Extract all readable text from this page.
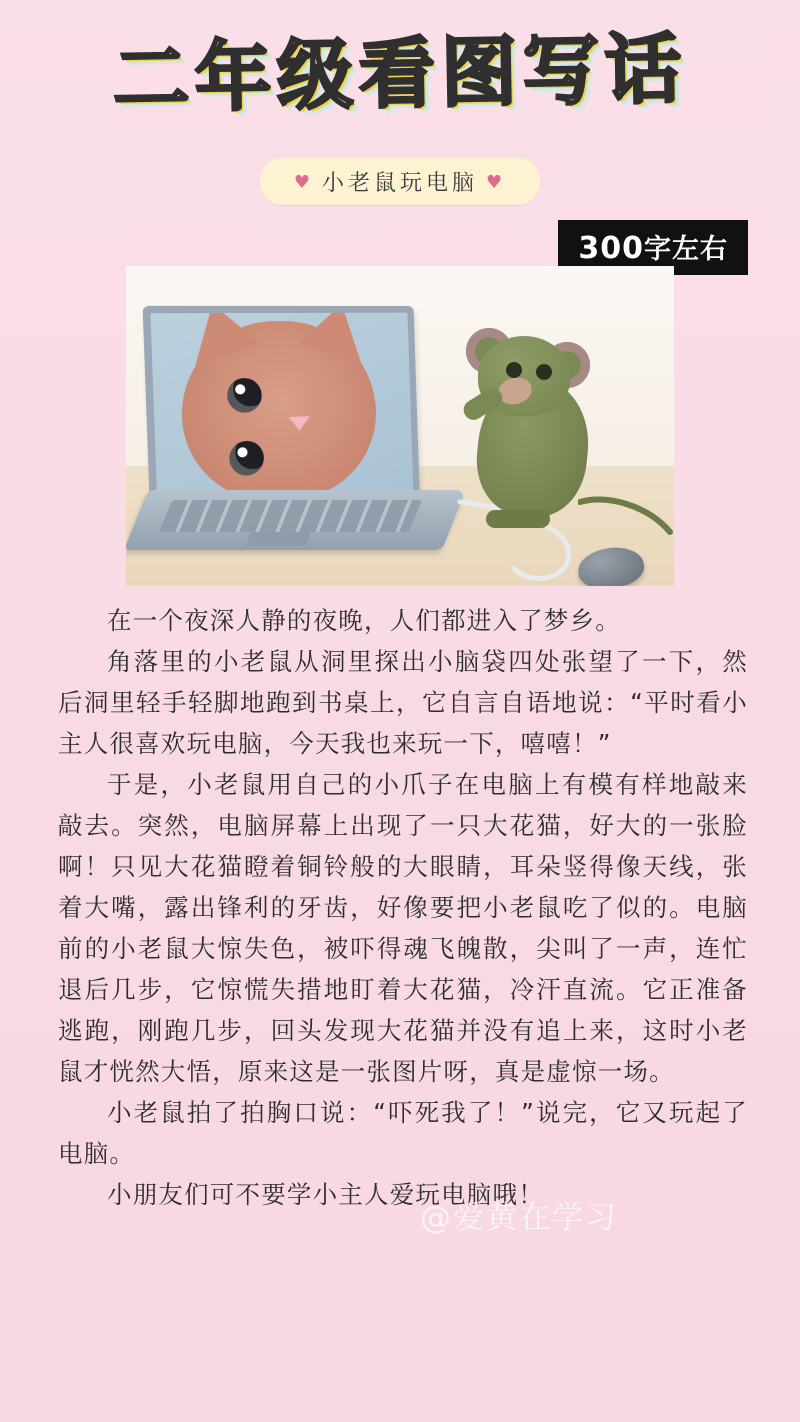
二年级看图写话
♥ 小老鼠玩电脑 ♥
300字左右

在一个夜深人静的夜晚，人们都进入了梦乡。

角落里的小老鼠从洞里探出小脑袋四处张望了一下，然后洞里轻手轻脚地跑到书桌上，它自言自语地说：“平时看小主人很喜欢玩电脑，今天我也来玩一下，嘻嘻！”

于是，小老鼠用自己的小爪子在电脑上有模有样地敲来敲去。突然，电脑屏幕上出现了一只大花猫，好大的一张脸啊！只见大花猫瞪着铜铃般的大眼睛，耳朵竖得像天线，张着大嘴，露出锋利的牙齿，好像要把小老鼠吃了似的。电脑前的小老鼠大惊失色，被吓得魂飞魄散，尖叫了一声，连忙退后几步，它惊慌失措地盯着大花猫，冷汗直流。它正准备逃跑，刚跑几步，回头发现大花猫并没有追上来，这时小老鼠才恍然大悟，原来这是一张图片呀，真是虚惊一场。

小老鼠拍了拍胸口说：“吓死我了！”说完，它又玩起了电脑。

小朋友们可不要学小主人爱玩电脑哦！

@爱黄在学习
